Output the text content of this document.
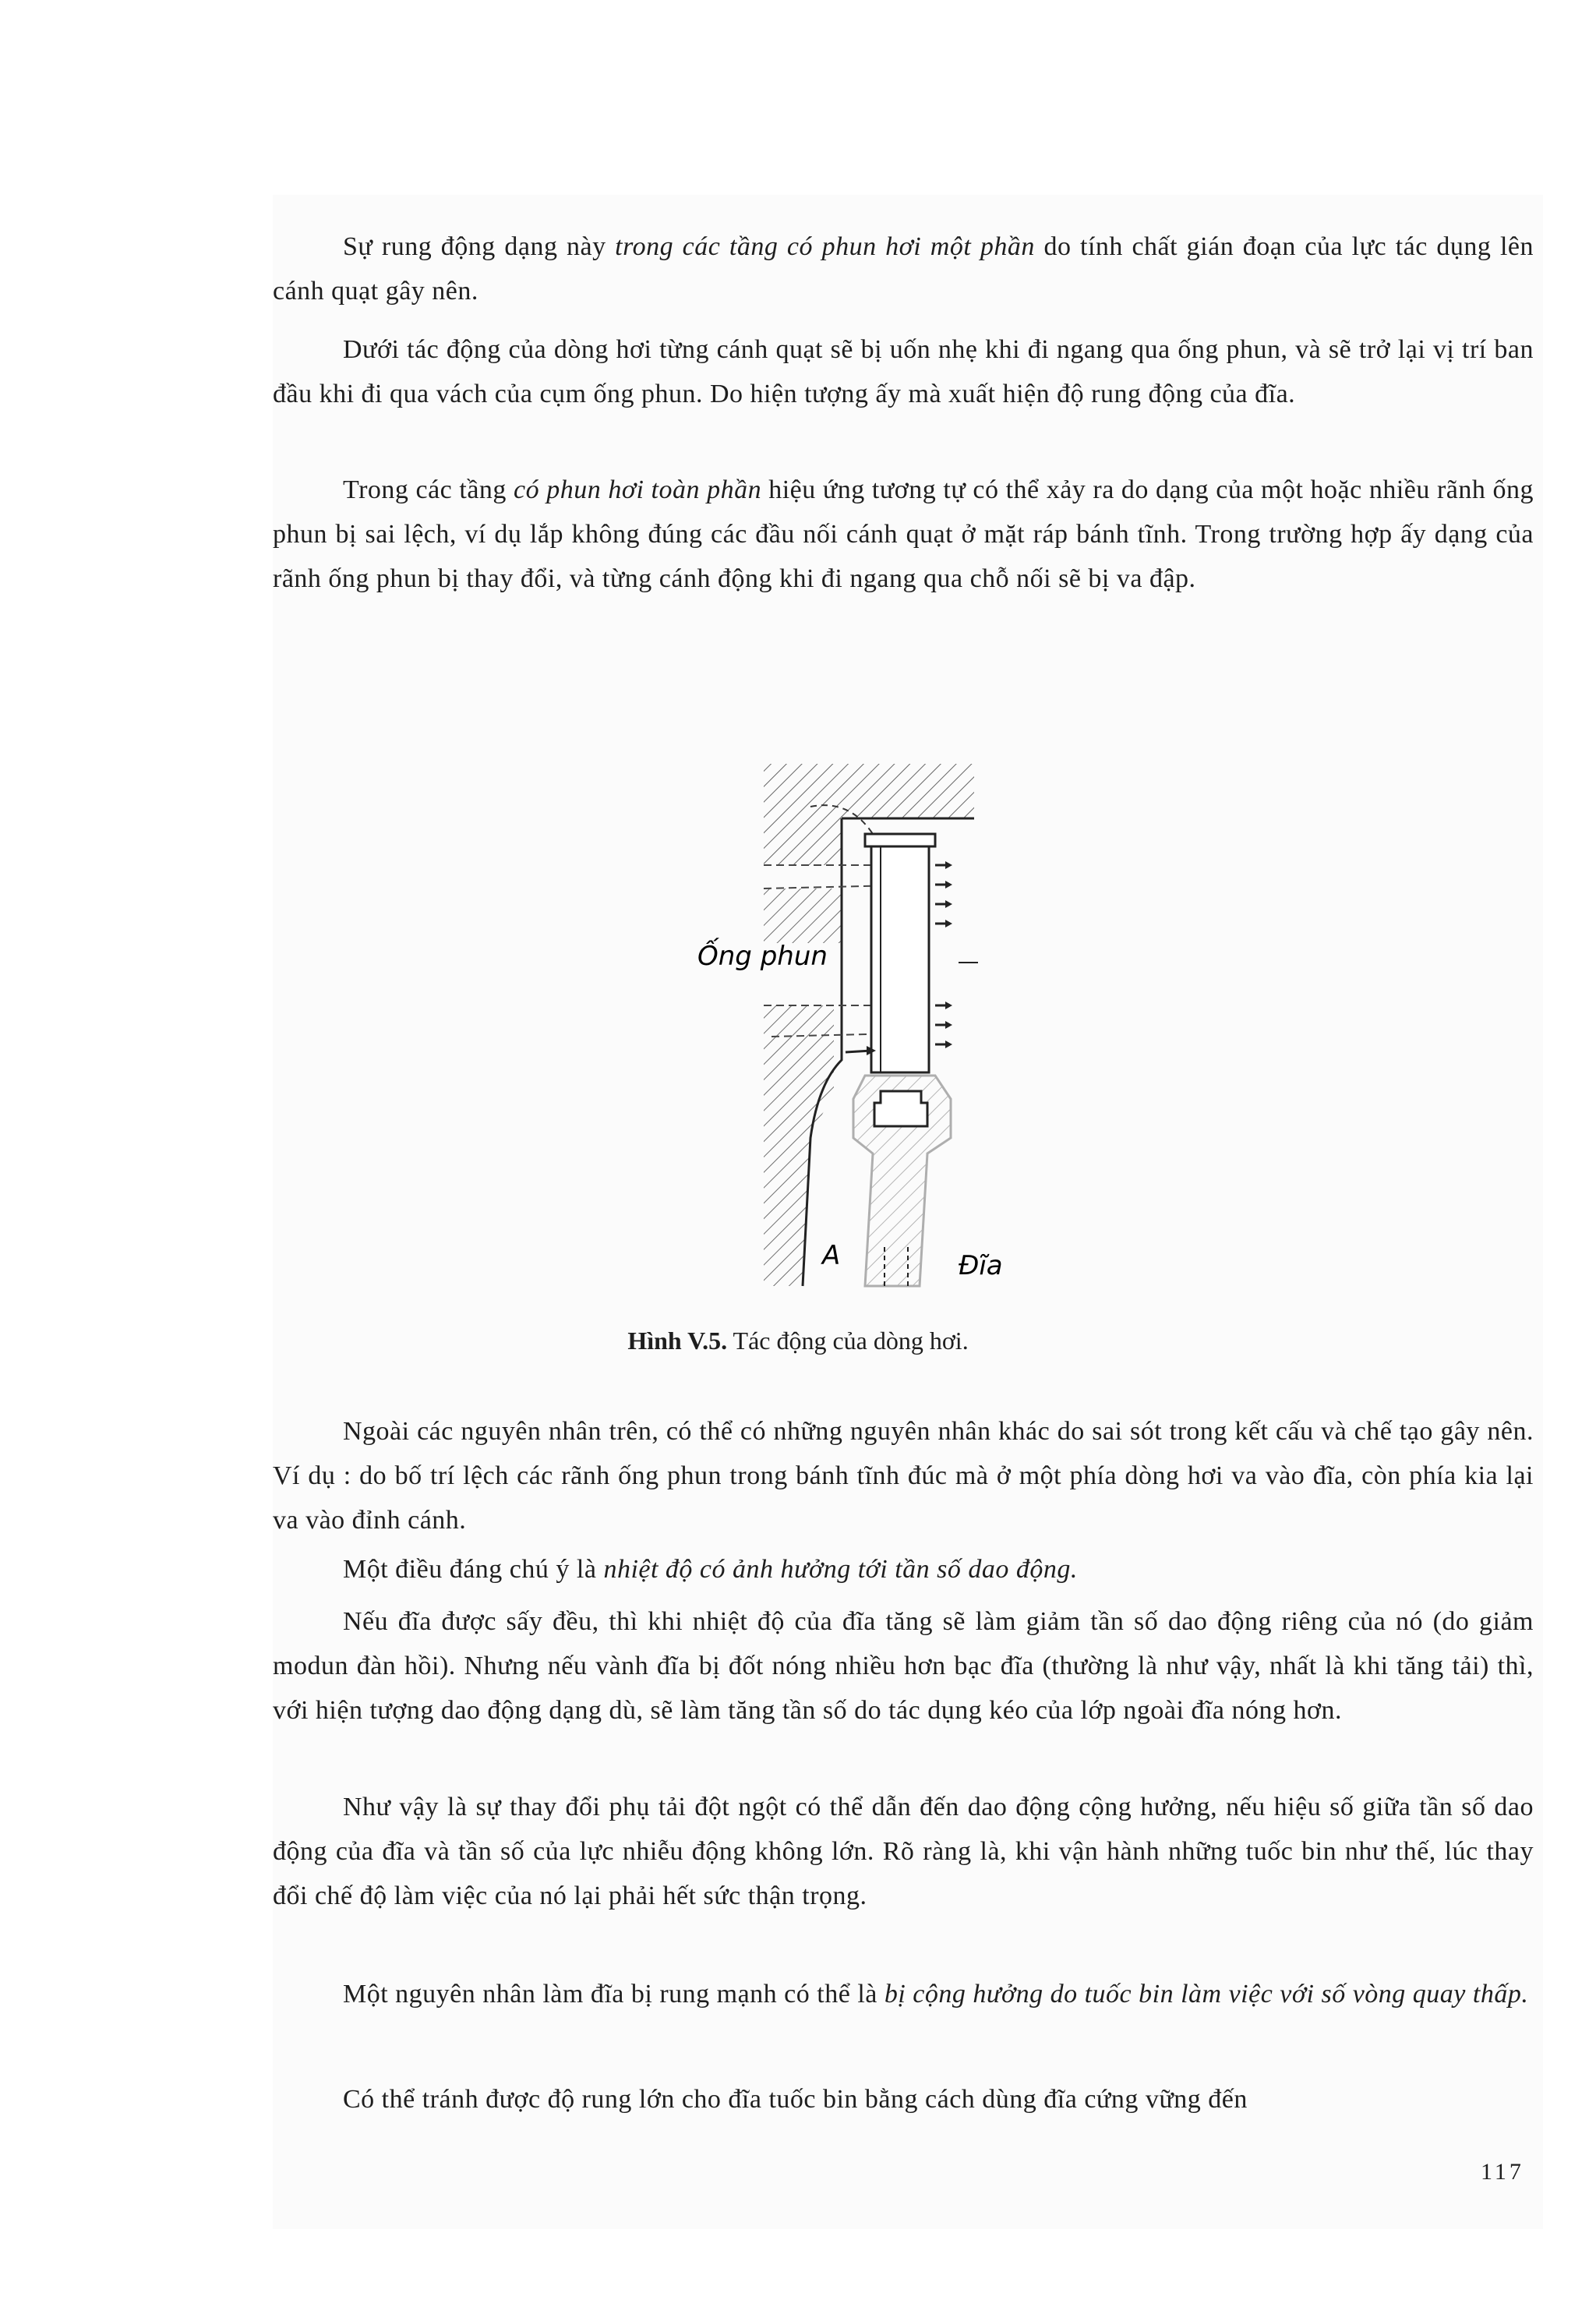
Sự rung động dạng này trong các tầng có phun hơi một phần do tính chất gián đoạn của lực tác dụng lên cánh quạt gây nên.

Dưới tác động của dòng hơi từng cánh quạt sẽ bị uốn nhẹ khi đi ngang qua ống phun, và sẽ trở lại vị trí ban đầu khi đi qua vách của cụm ống phun. Do hiện tượng ấy mà xuất hiện độ rung động của đĩa.

Trong các tầng có phun hơi toàn phần hiệu ứng tương tự có thể xảy ra do dạng của một hoặc nhiều rãnh ống phun bị sai lệch, ví dụ lắp không đúng các đầu nối cánh quạt ở mặt ráp bánh tĩnh. Trong trường hợp ấy dạng của rãnh ống phun bị thay đổi, và từng cánh động khi đi ngang qua chỗ nối sẽ bị va đập.

Ống phun
A	Đĩa
Hình V.5. Tác động của dòng hơi.

Ngoài các nguyên nhân trên, có thể có những nguyên nhân khác do sai sót trong kết cấu và chế tạo gây nên. Ví dụ : do bố trí lệch các rãnh ống phun trong bánh tĩnh đúc mà ở một phía dòng hơi va vào đĩa, còn phía kia lại va vào đỉnh cánh.

Một điều đáng chú ý là nhiệt độ có ảnh hưởng tới tần số dao động.

Nếu đĩa được sấy đều, thì khi nhiệt độ của đĩa tăng sẽ làm giảm tần số dao động riêng của nó (do giảm modun đàn hồi). Nhưng nếu vành đĩa bị đốt nóng nhiều hơn bạc đĩa (thường là như vậy, nhất là khi tăng tải) thì, với hiện tượng dao động dạng dù, sẽ làm tăng tần số do tác dụng kéo của lớp ngoài đĩa nóng hơn.

Như vậy là sự thay đổi phụ tải đột ngột có thể dẫn đến dao động cộng hưởng, nếu hiệu số giữa tần số dao động của đĩa và tần số của lực nhiễu động không lớn. Rõ ràng là, khi vận hành những tuốc bin như thế, lúc thay đổi chế độ làm việc của nó lại phải hết sức thận trọng.

Một nguyên nhân làm đĩa bị rung mạnh có thể là bị cộng hưởng do tuốc bin làm việc với số vòng quay thấp.

Có thể tránh được độ rung lớn cho đĩa tuốc bin bằng cách dùng đĩa cứng vững đến

117
